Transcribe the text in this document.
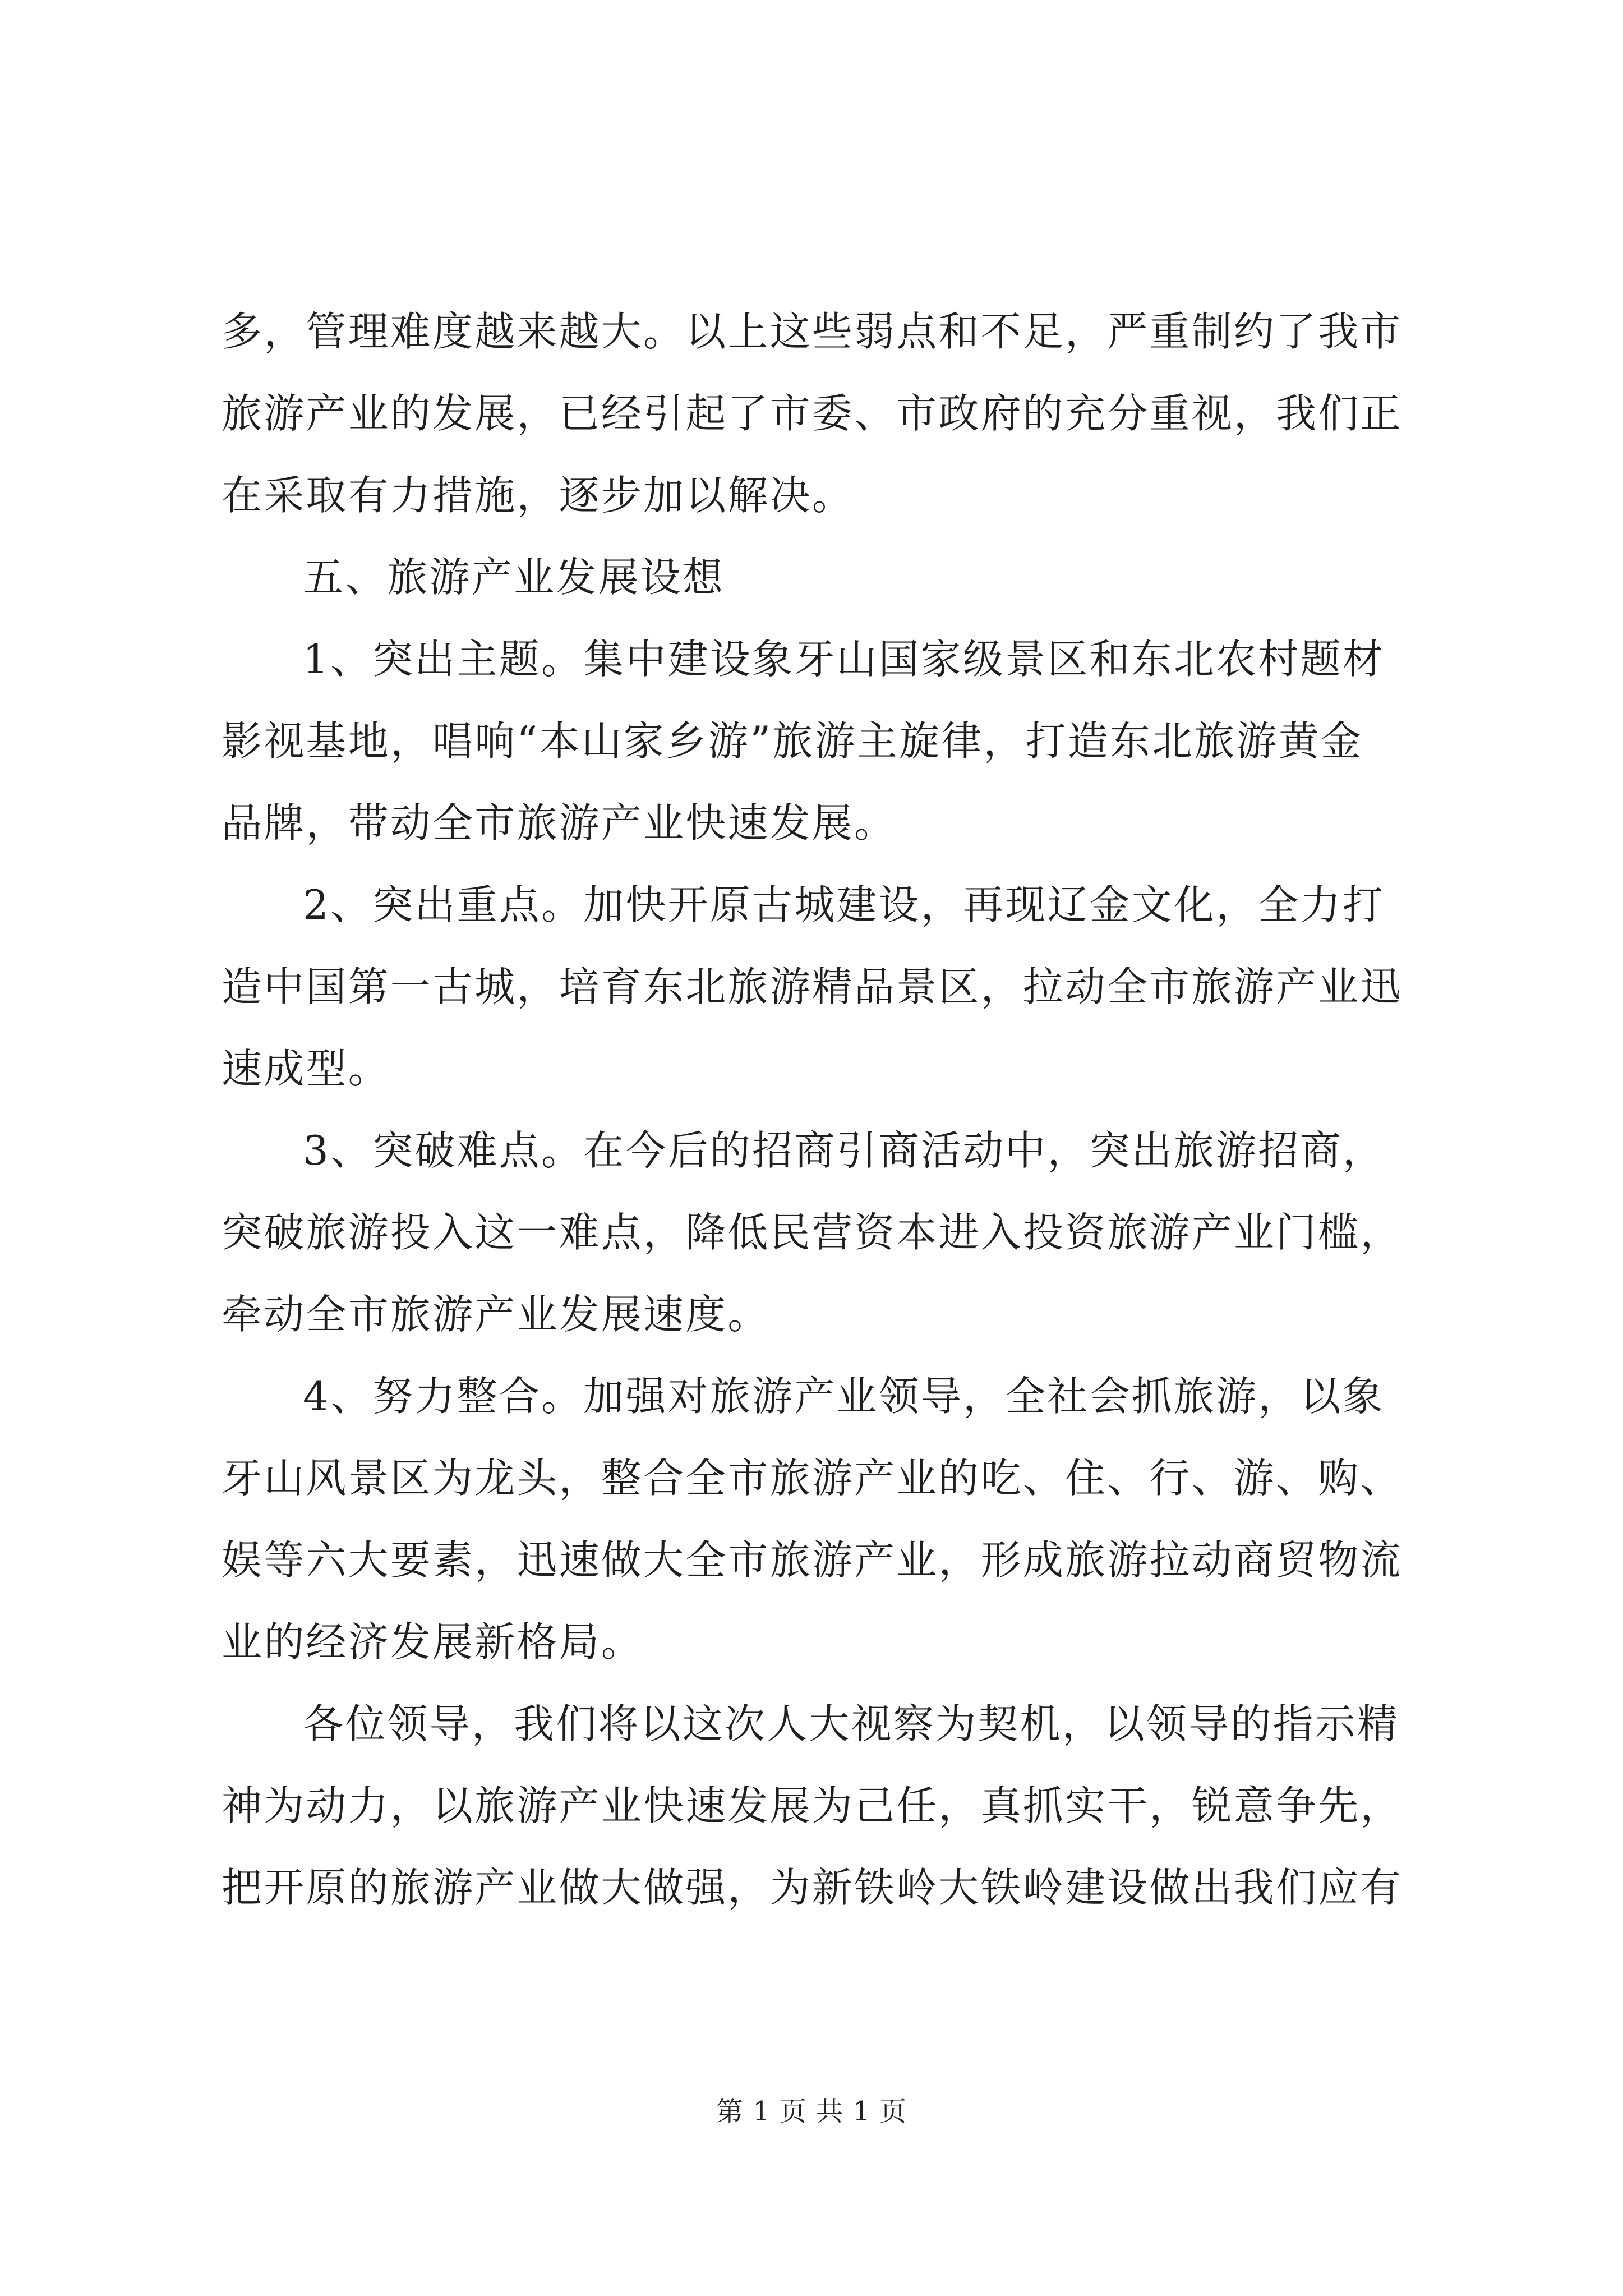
多，管理难度越来越大。以上这些弱点和不足，严重制约了我市
旅游产业的发展，已经引起了市委、市政府的充分重视，我们正
在采取有力措施，逐步加以解决。
五、旅游产业发展设想
1、突出主题。集中建设象牙山国家级景区和东北农村题材
影视基地，唱响“本山家乡游”旅游主旋律，打造东北旅游黄金
品牌，带动全市旅游产业快速发展。
2、突出重点。加快开原古城建设，再现辽金文化，全力打
造中国第一古城，培育东北旅游精品景区，拉动全市旅游产业迅
速成型。
3、突破难点。在今后的招商引商活动中，突出旅游招商，
突破旅游投入这一难点，降低民营资本进入投资旅游产业门槛，
牵动全市旅游产业发展速度。
4、努力整合。加强对旅游产业领导，全社会抓旅游，以象
牙山风景区为龙头，整合全市旅游产业的吃、住、行、游、购、
娱等六大要素，迅速做大全市旅游产业，形成旅游拉动商贸物流
业的经济发展新格局。
各位领导，我们将以这次人大视察为契机，以领导的指示精
神为动力，以旅游产业快速发展为己任，真抓实干，锐意争先，
把开原的旅游产业做大做强，为新铁岭大铁岭建设做出我们应有
第 1 页 共 1 页
